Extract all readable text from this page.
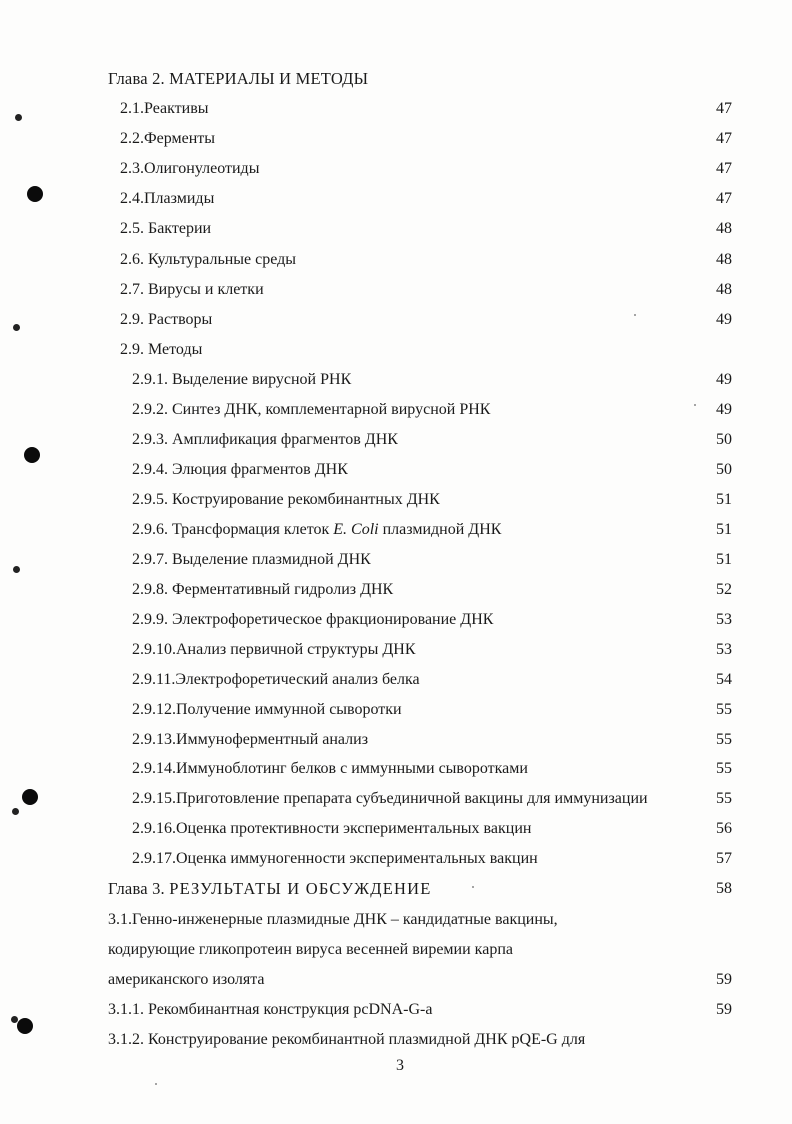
Глава 2. МАТЕРИАЛЫ И МЕТОДЫ
2.1.Реактивы	47
2.2.Ферменты	47
2.3.Олигонулеотиды	47
2.4.Плазмиды	47
2.5. Бактерии	48
2.6. Культуральные среды	48
2.7. Вирусы и клетки	48
2.9. Растворы	49
2.9. Методы
2.9.1. Выделение вирусной РНК	49
2.9.2. Синтез ДНК, комплементарной вирусной РНК	49
2.9.3. Амплификация фрагментов ДНК	50
2.9.4. Элюция фрагментов ДНК	50
2.9.5. Коструирование рекомбинантных ДНК	51
2.9.6. Трансформация клеток E. Coli плазмидной ДНК	51
2.9.7. Выделение плазмидной ДНК	51
2.9.8. Ферментативный гидролиз ДНК	52
2.9.9. Электрофоретическое фракционирование ДНК	53
2.9.10.Анализ первичной структуры ДНК	53
2.9.11.Электрофоретический анализ белка	54
2.9.12.Получение иммунной сыворотки	55
2.9.13.Иммуноферментный анализ	55
2.9.14.Иммуноблотинг белков с иммунными сыворотками	55
2.9.15.Приготовление препарата субъединичной вакцины для иммунизации	55
2.9.16.Оценка протективности экспериментальных вакцин	56
2.9.17.Оценка иммуногенности экспериментальных вакцин	57
Глава 3. РЕЗУЛЬТАТЫ И ОБСУЖДЕНИЕ	58
3.1.Генно-инженерные плазмидные ДНК – кандидатные вакцины,
кодирующие гликопротеин вируса весенней виремии карпа
американского изолята	59
3.1.1. Рекомбинантная конструкция pcDNA-G-a	59
3.1.2. Конструирование рекомбинантной плазмидной ДНК pQE-G для
3
